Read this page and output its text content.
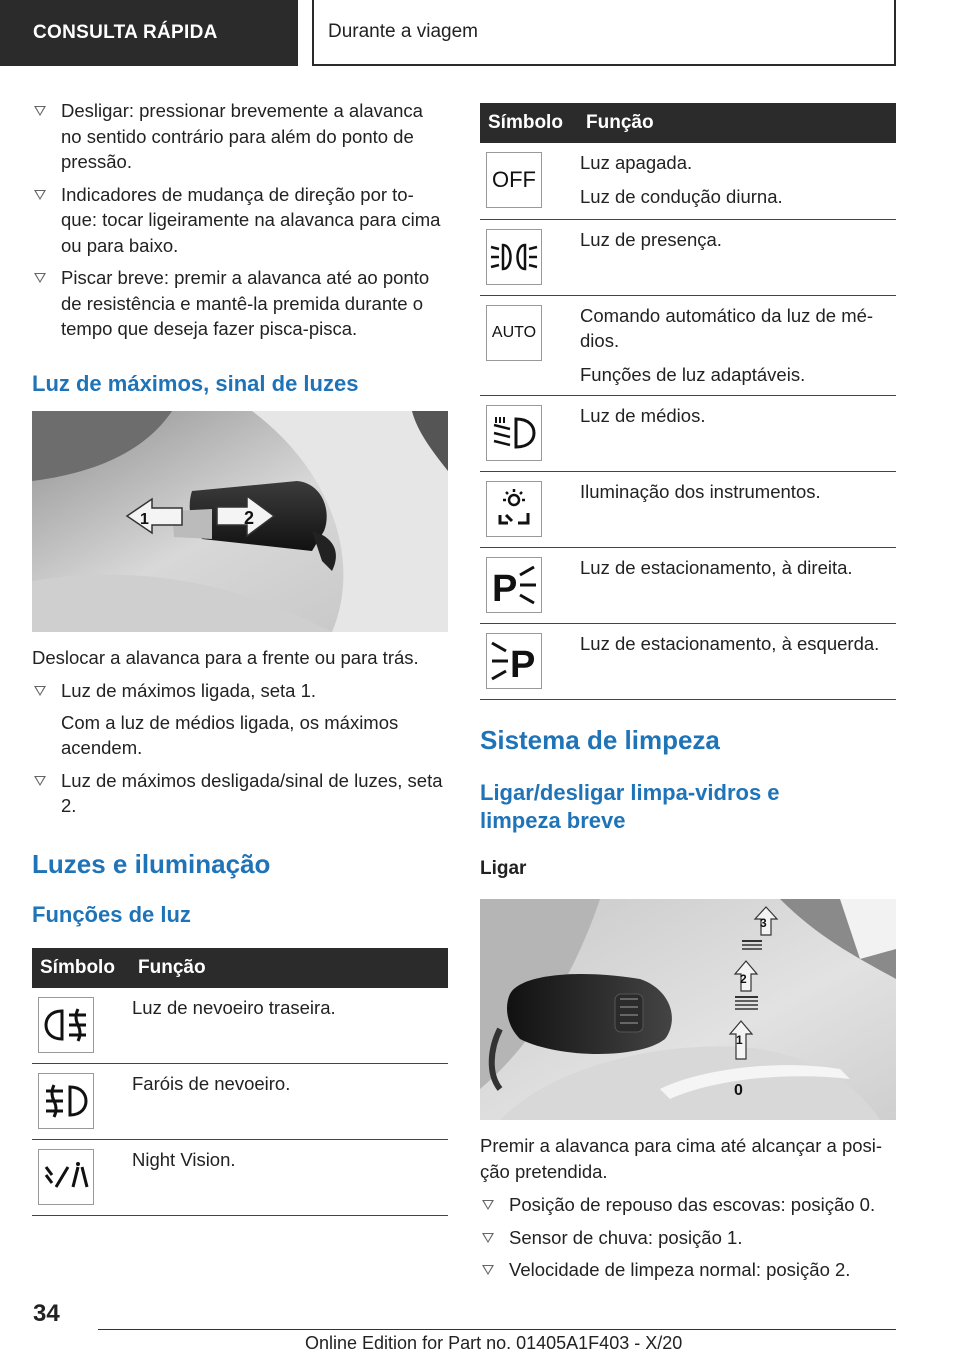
CONSULTA RÁPIDA	Durante a viagem
Desligar: pressionar brevemente a alavanca no sentido contrário para além do ponto de pressão.
Indicadores de mudança de direção por to-que: tocar ligeiramente na alavanca para cima ou para baixo.
Piscar breve: premir a alavanca até ao ponto de resistência e mantê-la premida durante o tempo que deseja fazer pisca-pisca.
Luz de máximos, sinal de luzes
1	2

Deslocar a alavanca para a frente ou para trás.

Luz de máximos ligada, seta 1.
Com a luz de médios ligada, os máximos acendem.
Luz de máximos desligada/sinal de luzes, seta 2.
Luzes e iluminação
Funções de luz
Símbolo	Função

	Luz de nevoeiro traseira.

	Faróis de nevoeiro.

	Night Vision.
Símbolo	Função

OFF	Luz apagada.
Luz de condução diurna.

Luz de presença.

AUTO	Comando automático da luz de mé-dios.
Funções de luz adaptáveis.

Luz de médios.

Iluminação dos instrumentos.

P	Luz de estacionamento, à direita.

P	Luz de estacionamento, à esquerda.
Sistema de limpeza
Ligar/desligar limpa-vidros e limpeza breve
Ligar
3
2
1
0

Premir a alavanca para cima até alcançar a posi-ção pretendida.

Posição de repouso das escovas: posição 0.
Sensor de chuva: posição 1.
Velocidade de limpeza normal: posição 2.
34
Online Edition for Part no. 01405A1F403 - X/20
